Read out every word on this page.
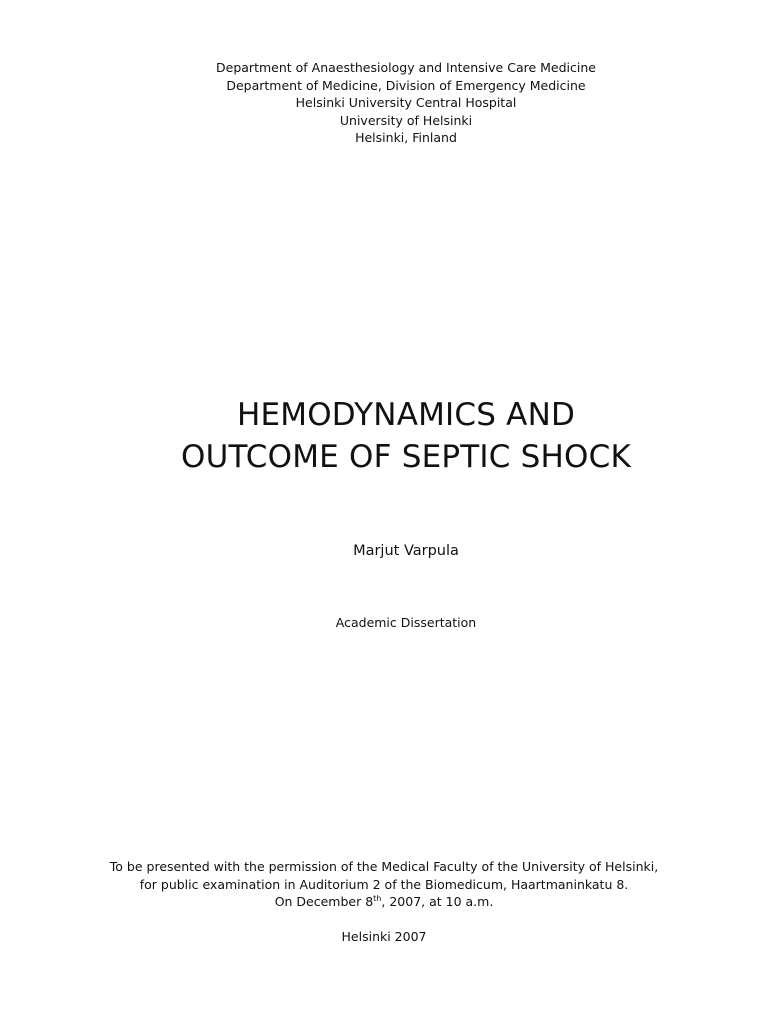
Department of Anaesthesiology and Intensive Care Medicine
Department of Medicine, Division of Emergency Medicine
Helsinki University Central Hospital
University of Helsinki
Helsinki, Finland
HEMODYNAMICS AND
OUTCOME OF SEPTIC SHOCK
Marjut Varpula
Academic Dissertation
To be presented with the permission of the Medical Faculty of the University of Helsinki,
for public examination in Auditorium 2 of the Biomedicum, Haartmaninkatu 8.
On December 8th, 2007, at 10 a.m.
Helsinki 2007
